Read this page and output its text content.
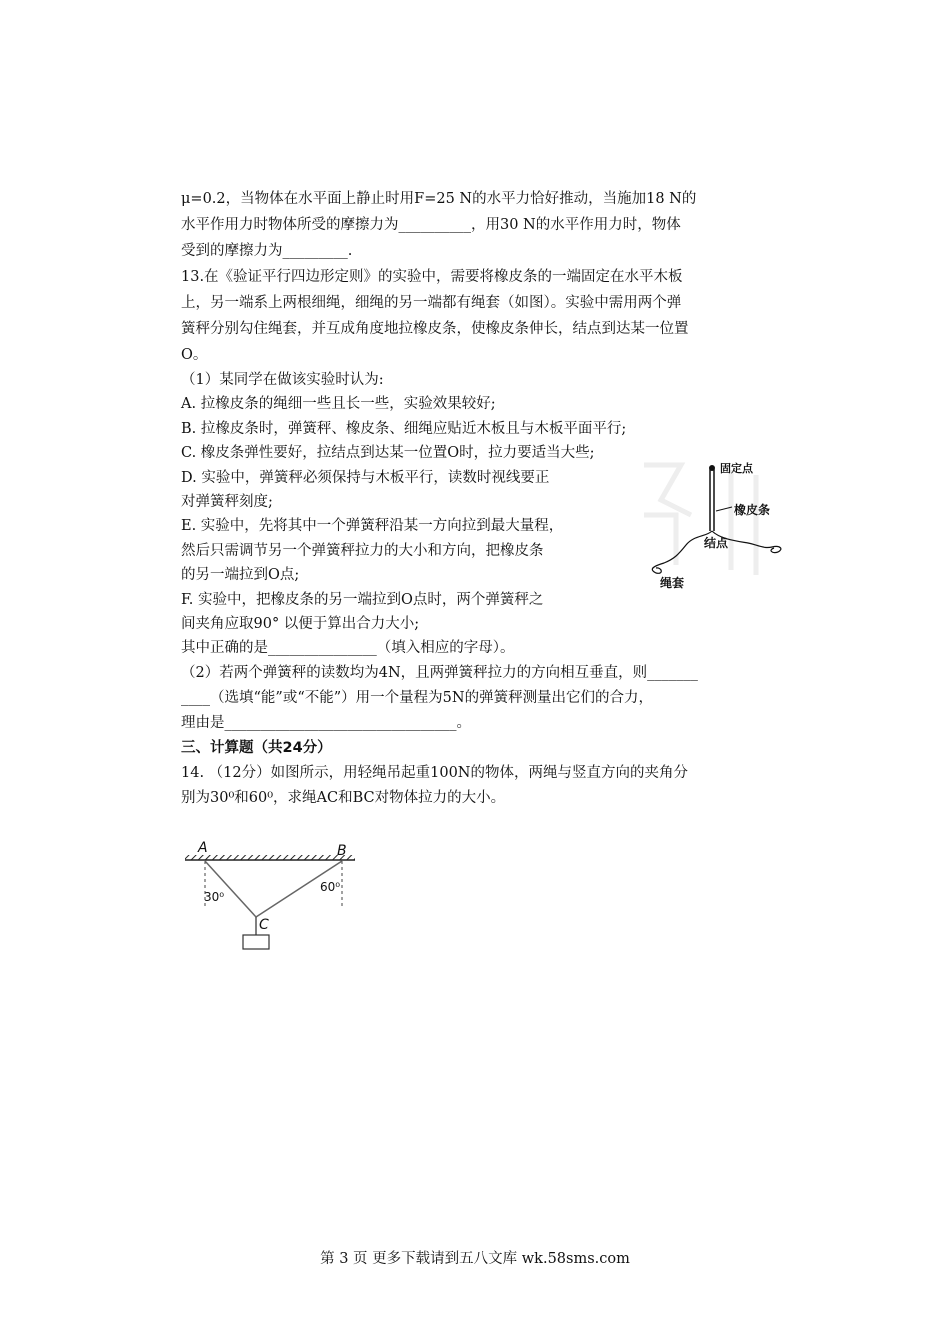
μ=0.2，当物体在水平面上静止时用F=25 N的水平力恰好推动，当施加18 N的
水平作用力时物体所受的摩擦力为__________，用30 N的水平作用力时，物体
受到的摩擦力为_________.
13.在《验证平行四边形定则》的实验中，需要将橡皮条的一端固定在水平木板
上，另一端系上两根细绳，细绳的另一端都有绳套（如图）。实验中需用两个弹
簧秤分别勾住绳套，并互成角度地拉橡皮条，使橡皮条伸长，结点到达某一位置
O。
（1）某同学在做该实验时认为:
A. 拉橡皮条的绳细一些且长一些，实验效果较好;
B. 拉橡皮条时，弹簧秤、橡皮条、细绳应贴近木板且与木板平面平行;
C. 橡皮条弹性要好，拉结点到达某一位置O时，拉力要适当大些;
D. 实验中，弹簧秤必须保持与木板平行，读数时视线要正
对弹簧秤刻度;
E. 实验中，先将其中一个弹簧秤沿某一方向拉到最大量程，
然后只需调节另一个弹簧秤拉力的大小和方向，把橡皮条
的另一端拉到O点;
F. 实验中，把橡皮条的另一端拉到O点时，两个弹簧秤之
间夹角应取90° 以便于算出合力大小;
其中正确的是_______________（填入相应的字母）。
（2）若两个弹簧秤的读数均为4N，且两弹簧秤拉力的方向相互垂直，则_______
____（选填“能”或“不能”）用一个量程为5N的弹簧秤测量出它们的合力，
理由是________________________________。
三、计算题（共24分）
14. （12分）如图所示，用轻绳吊起重100N的物体，两绳与竖直方向的夹角分
别为30⁰和60⁰，求绳AC和BC对物体拉力的大小。
固定点
橡皮条
结点
绳套
A	B
C
30⁰
60⁰
第 3 页 更多下载请到五八文库 wk.58sms.com
